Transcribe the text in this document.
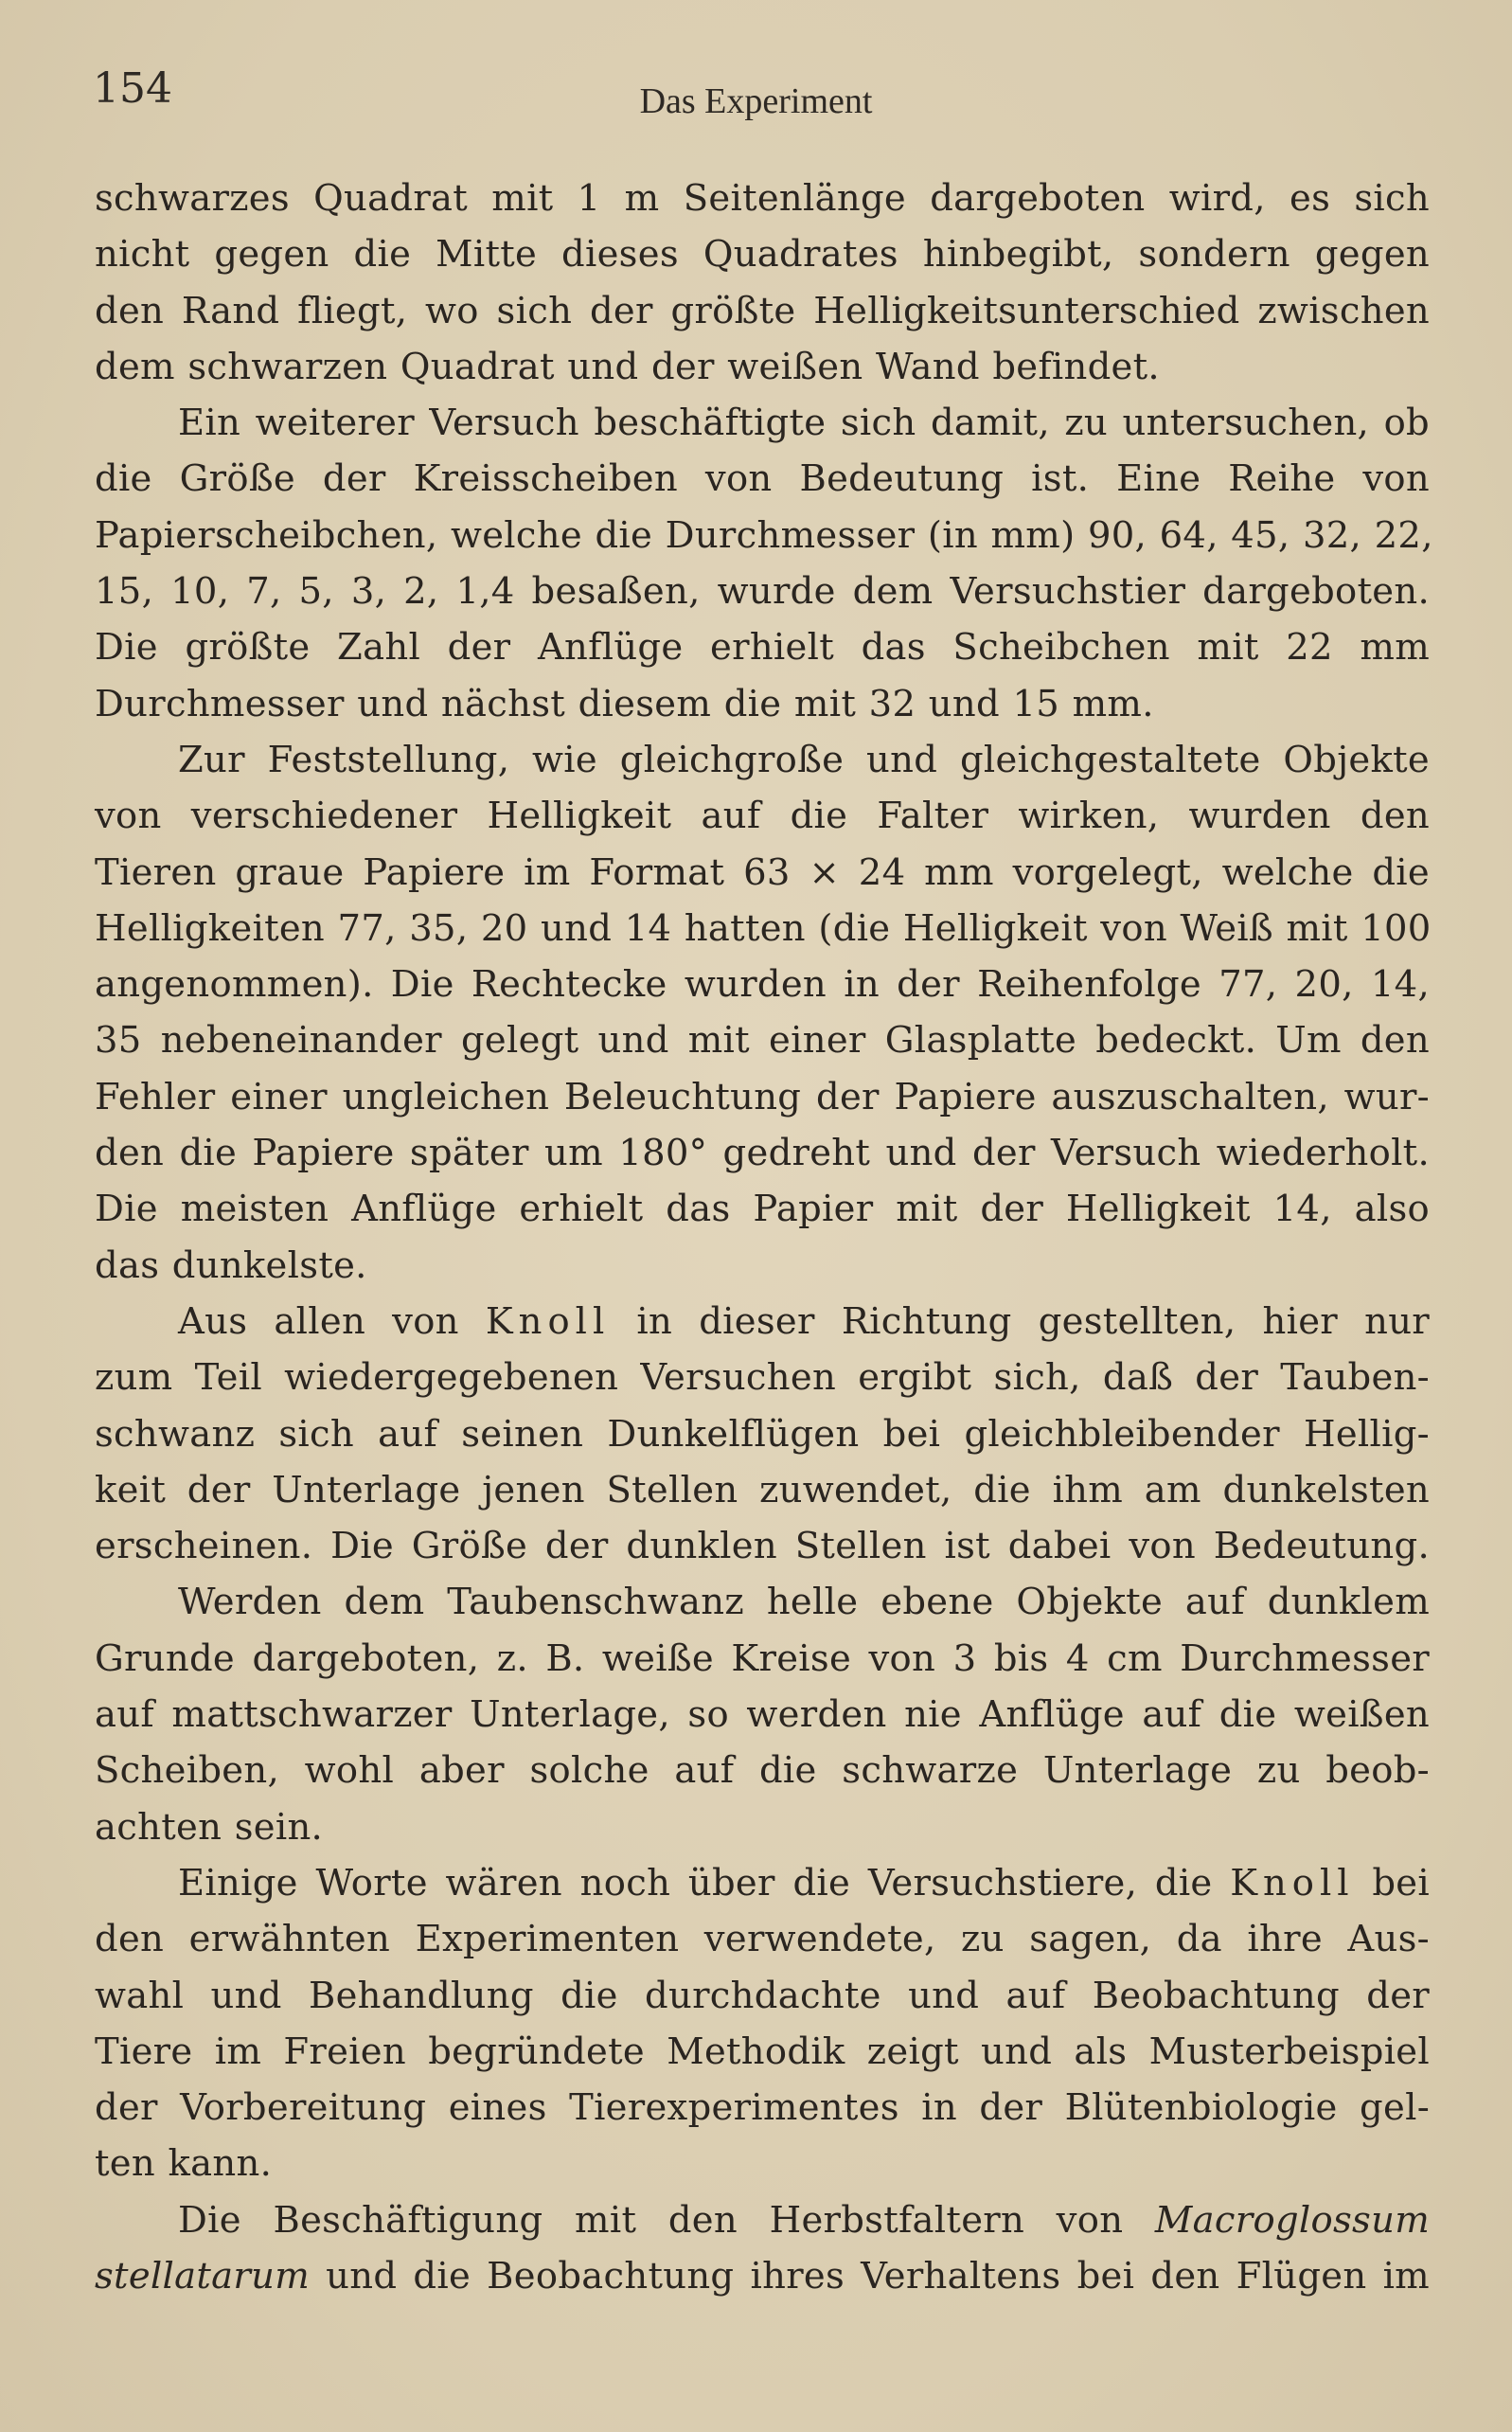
154	Das Experiment
schwarzes Quadrat mit 1 m Seitenlänge dargeboten wird, es sich
nicht gegen die Mitte dieses Quadrates hinbegibt, sondern gegen
den Rand fliegt, wo sich der größte Helligkeitsunterschied zwischen
dem schwarzen Quadrat und der weißen Wand befindet.
Ein weiterer Versuch beschäftigte sich damit, zu untersuchen, ob
die Größe der Kreisscheiben von Bedeutung ist. Eine Reihe von
Papierscheibchen, welche die Durchmesser (in mm) 90, 64, 45, 32, 22,
15, 10, 7, 5, 3, 2, 1,4 besaßen, wurde dem Versuchstier dargeboten.
Die größte Zahl der Anflüge erhielt das Scheibchen mit 22 mm
Durchmesser und nächst diesem die mit 32 und 15 mm.
Zur Feststellung, wie gleichgroße und gleichgestaltete Objekte
von verschiedener Helligkeit auf die Falter wirken, wurden den
Tieren graue Papiere im Format 63 × 24 mm vorgelegt, welche die
Helligkeiten 77, 35, 20 und 14 hatten (die Helligkeit von Weiß mit 100
angenommen). Die Rechtecke wurden in der Reihenfolge 77, 20, 14,
35 nebeneinander gelegt und mit einer Glasplatte bedeckt. Um den
Fehler einer ungleichen Beleuchtung der Papiere auszuschalten, wur-
den die Papiere später um 180° gedreht und der Versuch wiederholt.
Die meisten Anflüge erhielt das Papier mit der Helligkeit 14, also
das dunkelste.
Aus allen von Knoll in dieser Richtung gestellten, hier nur
zum Teil wiedergegebenen Versuchen ergibt sich, daß der Tauben-
schwanz sich auf seinen Dunkelflügen bei gleichbleibender Hellig-
keit der Unterlage jenen Stellen zuwendet, die ihm am dunkelsten
erscheinen. Die Größe der dunklen Stellen ist dabei von Bedeutung.
Werden dem Taubenschwanz helle ebene Objekte auf dunklem
Grunde dargeboten, z. B. weiße Kreise von 3 bis 4 cm Durchmesser
auf mattschwarzer Unterlage, so werden nie Anflüge auf die weißen
Scheiben, wohl aber solche auf die schwarze Unterlage zu beob-
achten sein.
Einige Worte wären noch über die Versuchstiere, die Knoll bei
den erwähnten Experimenten verwendete, zu sagen, da ihre Aus-
wahl und Behandlung die durchdachte und auf Beobachtung der
Tiere im Freien begründete Methodik zeigt und als Musterbeispiel
der Vorbereitung eines Tierexperimentes in der Blütenbiologie gel-
ten kann.
Die Beschäftigung mit den Herbstfaltern von Macroglossum
stellatarum und die Beobachtung ihres Verhaltens bei den Flügen im
